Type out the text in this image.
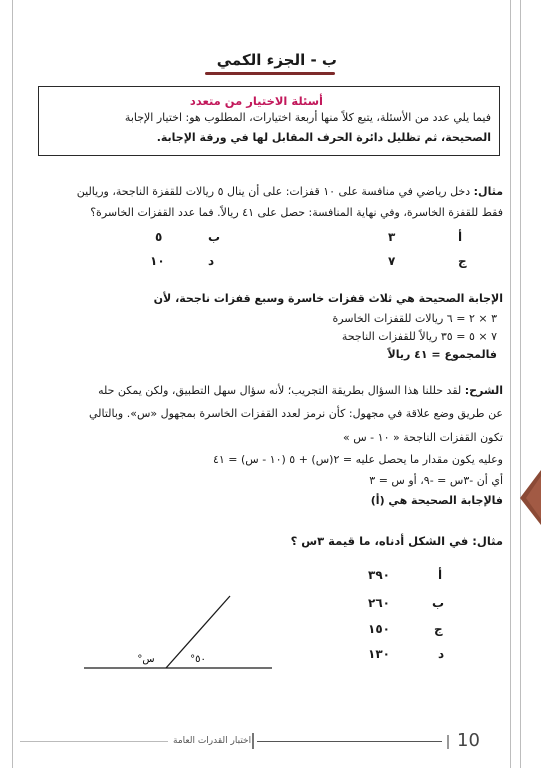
ب - الجزء الكمي
أسئلة الاختيار من متعدد
فيما يلي عدد من الأسئلة، يتبع كلاً منها أربعة اختيارات، المطلوب هو: اختيار الإجابة
الصحيحة، ثم تظليل دائرة الحرف المقابل لها في ورقة الإجابة.
مثال: دخل رياضي في منافسة على ١٠ قفزات: على أن ينال ٥ ريالات للقفزة الناجحة، وريالين
فقط للقفزة الخاسرة، وفي نهاية المنافسة: حصل على ٤١ ريالاً. فما عدد القفزات الخاسرة؟
أ
٣
ب
٥
ج
٧
د
١٠
الإجابة الصحيحة هي ثلاث قفزات خاسرة وسبع قفزات ناجحة، لأن
٣ × ٢ = ٦ ريالات للقفزات الخاسرة
٧ × ٥ = ٣٥ ريالاً للقفزات الناجحة
فالمجموع = ٤١ ريالاً
الشرح: لقد حللنا هذا السؤال بطريقة التجريب؛ لأنه سؤال سهل التطبيق، ولكن يمكن حله
عن طريق وضع علاقة في مجهول: كأن نرمز لعدد القفزات الخاسرة بمجهول «س». وبالتالي
تكون القفزات الناجحة « ١٠ - س »
وعليه يكون مقدار ما يحصل عليه = ٢(س) + ٥ (١٠ - س) = ٤١
أي أن -٣س = -٩، أو س = ٣
فالإجابة الصحيحة هي (أ)
مثال: في الشكل أدناه، ما قيمة ٣س ؟
أ
٣٩٠
ب
٢٦٠
ج
١٥٠
د
١٣٠
س°	٥٠°
اختبار القدرات العامة	10
